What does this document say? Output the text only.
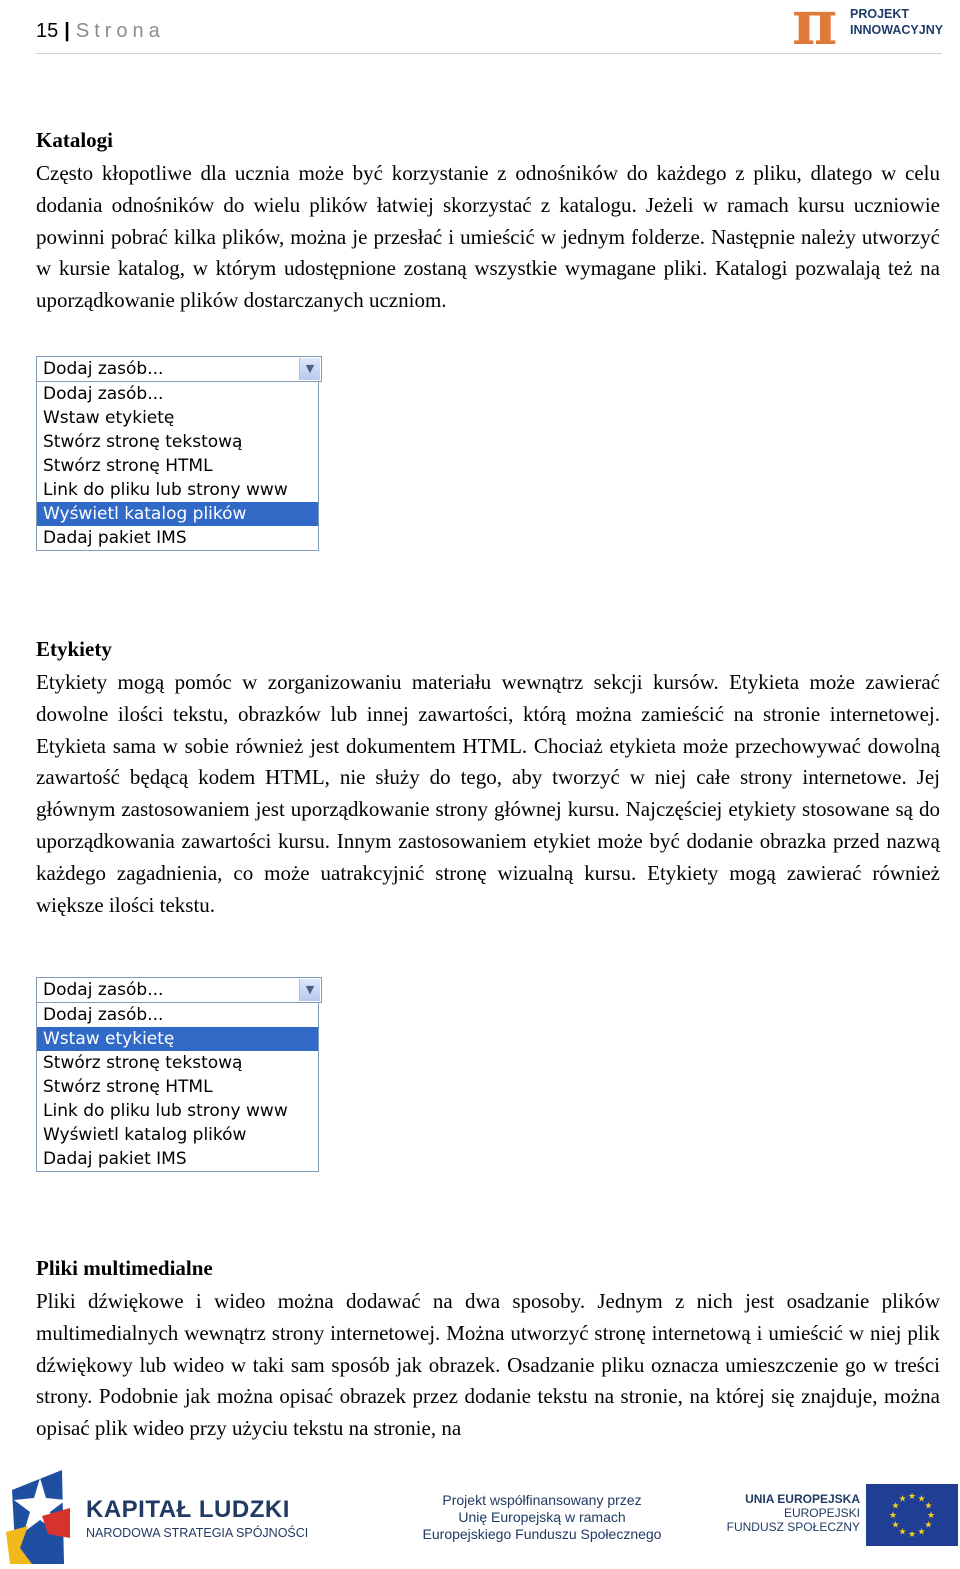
15 | Strona	π PROJEKT
INNOWACYJNY
Katalogi
Często kłopotliwe dla ucznia może być korzystanie z odnośników do każdego z pliku, dlatego w celu dodania odnośników do wielu plików łatwiej skorzystać z katalogu. Jeżeli w ramach kursu uczniowie powinni pobrać kilka plików, można je przesłać i umieścić w jednym folderze. Następnie należy utworzyć w kursie katalog, w którym udostępnione zostaną wszystkie wymagane pliki. Katalogi pozwalają też na uporządkowanie plików dostarczanych uczniom.
Dodaj zasób...	▼
Dodaj zasób...
Wstaw etykietę
Stwórz stronę tekstową
Stwórz stronę HTML
Link do pliku lub strony www
Wyświetl katalog plików
Dadaj pakiet IMS
Etykiety
Etykiety mogą pomóc w zorganizowaniu materiału wewnątrz sekcji kursów. Etykieta może zawierać dowolne ilości tekstu, obrazków lub innej zawartości, którą można zamieścić na stronie internetowej. Etykieta sama w sobie również jest dokumentem HTML. Chociaż etykieta może przechowywać dowolną zawartość będącą kodem HTML, nie służy do tego, aby tworzyć w niej całe strony internetowe. Jej głównym zastosowaniem jest uporządkowanie strony głównej kursu. Najczęściej etykiety stosowane są do uporządkowania zawartości kursu. Innym zastosowaniem etykiet może być dodanie obrazka przed nazwą każdego zagadnienia, co może uatrakcyjnić stronę wizualną kursu. Etykiety mogą zawierać również większe ilości tekstu.
Dodaj zasób...	▼
Dodaj zasób...
Wstaw etykietę
Stwórz stronę tekstową
Stwórz stronę HTML
Link do pliku lub strony www
Wyświetl katalog plików
Dadaj pakiet IMS
Pliki multimedialne
Pliki dźwiękowe i wideo można dodawać na dwa sposoby. Jednym z nich jest osadzanie plików multimedialnych wewnątrz strony internetowej. Można utworzyć stronę internetową i umieścić w niej plik dźwiękowy lub wideo w taki sam sposób jak obrazek. Osadzanie pliku oznacza umieszczenie go w treści strony. Podobnie jak można opisać obrazek przez dodanie tekstu na stronie, na której się znajduje, można opisać plik wideo przy użyciu tekstu na stronie, na
KAPITAŁ LUDZKI
NARODOWA STRATEGIA SPÓJNOŚCI
Projekt współfinansowany przez
Unię Europejską w ramach
Europejskiego Funduszu Społecznego
UNIA EUROPEJSKA
EUROPEJSKI
FUNDUSZ SPOŁECZNY
★
★
★
★
★
★
★
★
★ ★ ★
★
